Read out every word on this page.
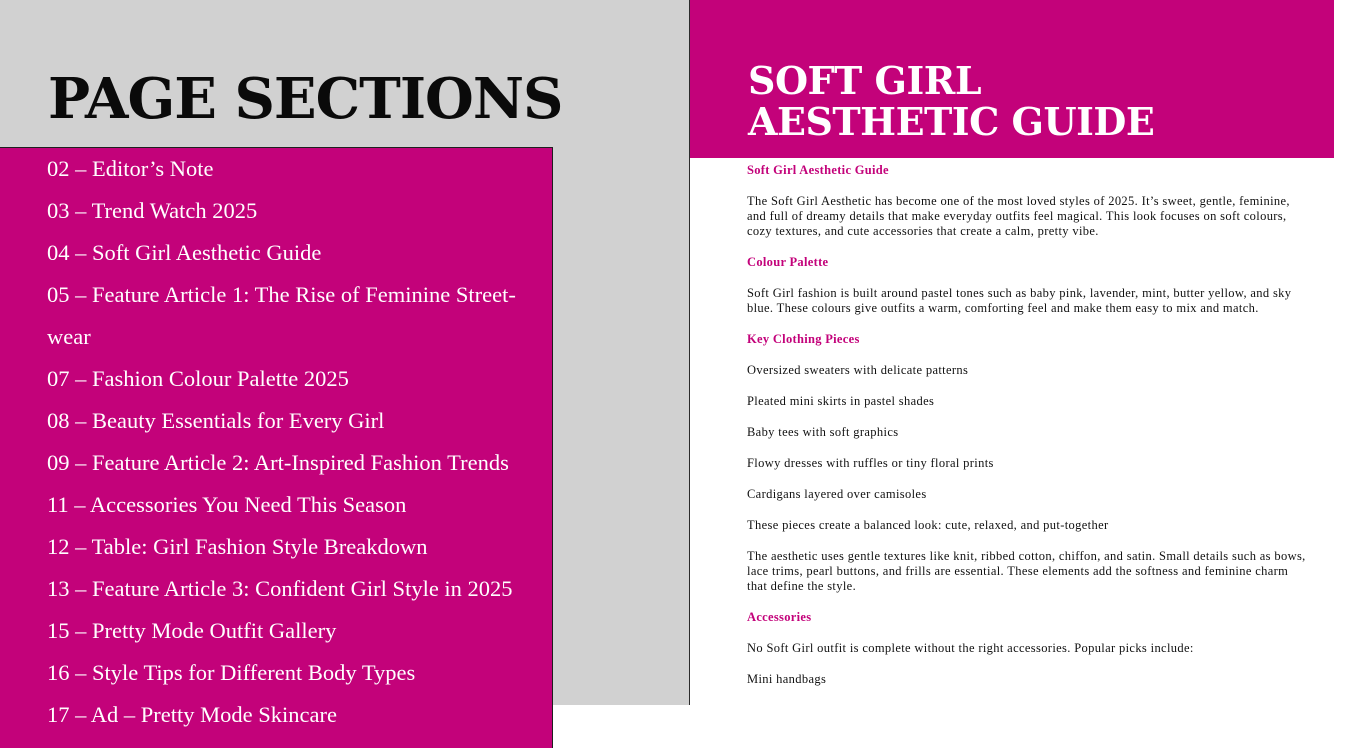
PAGE SECTIONS
02 – Editor’s Note
03 – Trend Watch 2025
04 – Soft Girl Aesthetic Guide
05 – Feature Article 1: The Rise of Feminine Street-
wear
07 – Fashion Colour Palette 2025
08 – Beauty Essentials for Every Girl
09 – Feature Article 2: Art-Inspired Fashion Trends
11 – Accessories You Need This Season
12 – Table: Girl Fashion Style Breakdown
13 – Feature Article 3: Confident Girl Style in 2025
15 – Pretty Mode Outfit Gallery
16 – Style Tips for Different Body Types
17 – Ad – Pretty Mode Skincare
SOFT GIRL
AESTHETIC GUIDE
Soft Girl Aesthetic Guide

The Soft Girl Aesthetic has become one of the most loved styles of 2025. It’s sweet, gentle, feminine,

and full of dreamy details that make everyday outfits feel magical. This look focuses on soft colours,

cozy textures, and cute accessories that create a calm, pretty vibe.

Colour Palette

Soft Girl fashion is built around pastel tones such as baby pink, lavender, mint, butter yellow, and sky

blue. These colours give outfits a warm, comforting feel and make them easy to mix and match.

Key Clothing Pieces

Oversized sweaters with delicate patterns

Pleated mini skirts in pastel shades

Baby tees with soft graphics

Flowy dresses with ruffles or tiny floral prints

Cardigans layered over camisoles

These pieces create a balanced look: cute, relaxed, and put-together

The aesthetic uses gentle textures like knit, ribbed cotton, chiffon, and satin. Small details such as bows,

lace trims, pearl buttons, and frills are essential. These elements add the softness and feminine charm

that define the style.

Accessories

No Soft Girl outfit is complete without the right accessories. Popular picks include:

Mini handbags
